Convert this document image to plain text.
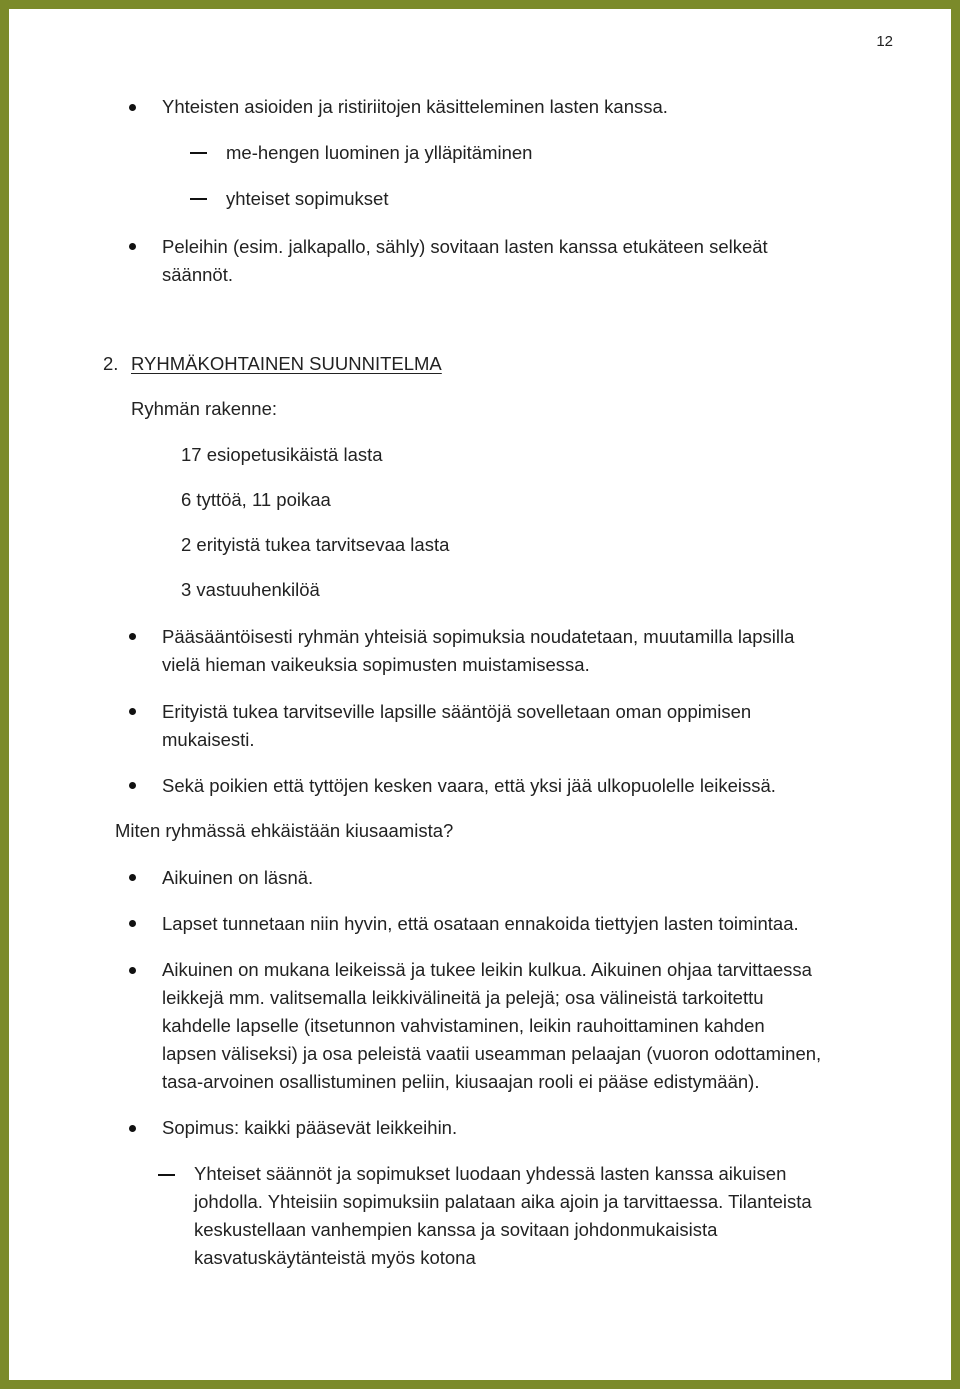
12
Yhteisten asioiden ja ristiriitojen käsitteleminen lasten kanssa.
me-hengen luominen ja ylläpitäminen
yhteiset sopimukset
Peleihin (esim. jalkapallo, sähly) sovitaan lasten kanssa etukäteen selkeät
säännöt.
2. RYHMÄKOHTAINEN SUUNNITELMA
Ryhmän rakenne:
17 esiopetusikäistä lasta
6 tyttöä, 11 poikaa
2 erityistä tukea tarvitsevaa lasta
3 vastuuhenkilöä
Pääsääntöisesti ryhmän yhteisiä sopimuksia noudatetaan, muutamilla lapsilla
vielä hieman vaikeuksia sopimusten muistamisessa.
Erityistä tukea tarvitseville lapsille sääntöjä sovelletaan oman oppimisen
mukaisesti.
Sekä poikien että tyttöjen kesken vaara, että yksi jää ulkopuolelle leikeissä.
Miten ryhmässä ehkäistään kiusaamista?
Aikuinen on läsnä.
Lapset tunnetaan niin hyvin, että osataan ennakoida tiettyjen lasten toimintaa.
Aikuinen on mukana leikeissä ja tukee leikin kulkua. Aikuinen ohjaa tarvittaessa
leikkejä mm. valitsemalla leikkivälineitä ja pelejä; osa välineistä tarkoitettu
kahdelle lapselle (itsetunnon vahvistaminen, leikin rauhoittaminen kahden
lapsen väliseksi) ja osa peleistä vaatii useamman pelaajan (vuoron odottaminen,
tasa-arvoinen osallistuminen peliin, kiusaajan rooli ei pääse edistymään).
Sopimus: kaikki pääsevät leikkeihin.
Yhteiset säännöt ja sopimukset luodaan yhdessä lasten kanssa aikuisen
johdolla. Yhteisiin sopimuksiin palataan aika ajoin ja tarvittaessa. Tilanteista
keskustellaan vanhempien kanssa ja sovitaan johdonmukaisista
kasvatuskäytänteistä myös kotona
